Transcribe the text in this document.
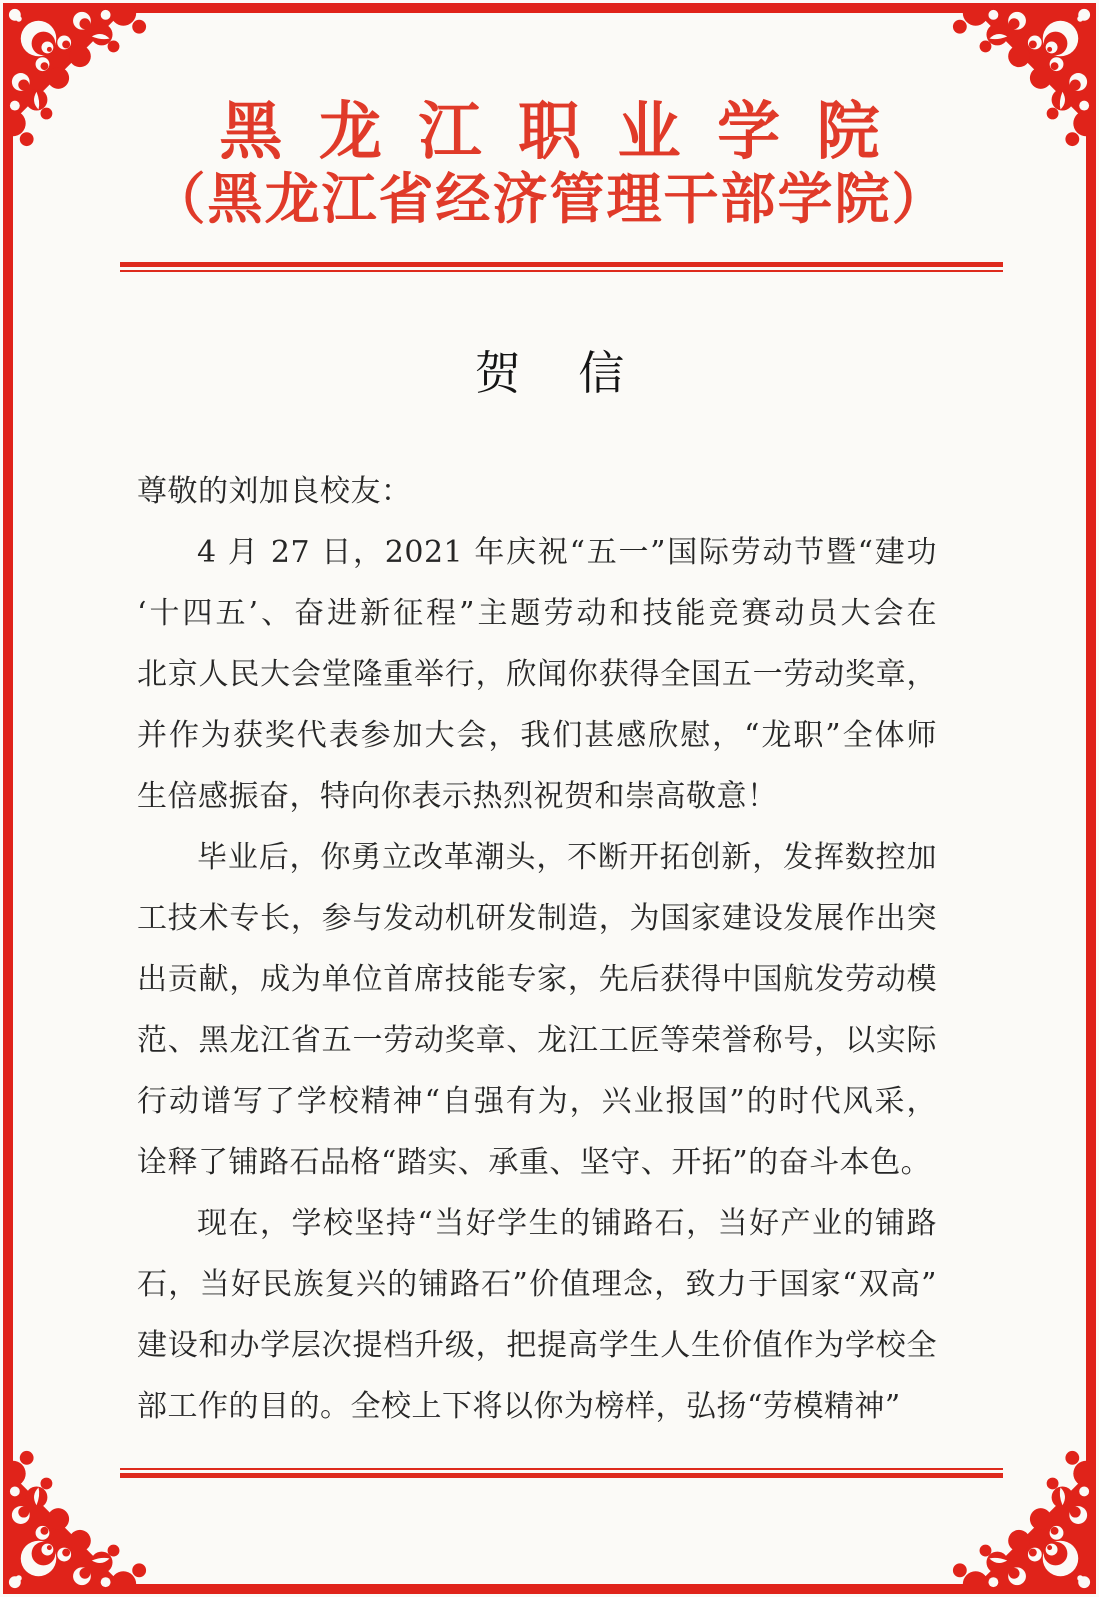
黑龙江职业学院
（黑龙江省经济管理干部学院）
贺信
尊敬的刘加良校友：
4 月 27 日，2021 年庆祝“五一”国际劳动节暨“建功
‘十四五’、奋进新征程”主题劳动和技能竞赛动员大会在
北京人民大会堂隆重举行，欣闻你获得全国五一劳动奖章，
并作为获奖代表参加大会，我们甚感欣慰，“龙职”全体师
生倍感振奋，特向你表示热烈祝贺和崇高敬意！
毕业后，你勇立改革潮头，不断开拓创新，发挥数控加
工技术专长，参与发动机研发制造，为国家建设发展作出突
出贡献，成为单位首席技能专家，先后获得中国航发劳动模
范、黑龙江省五一劳动奖章、龙江工匠等荣誉称号，以实际
行动谱写了学校精神“自强有为，兴业报国”的时代风采，
诠释了铺路石品格“踏实、承重、坚守、开拓”的奋斗本色。
现在，学校坚持“当好学生的铺路石，当好产业的铺路
石，当好民族复兴的铺路石”价值理念，致力于国家“双高”
建设和办学层次提档升级，把提高学生人生价值作为学校全
部工作的目的。全校上下将以你为榜样，弘扬“劳模精神”
